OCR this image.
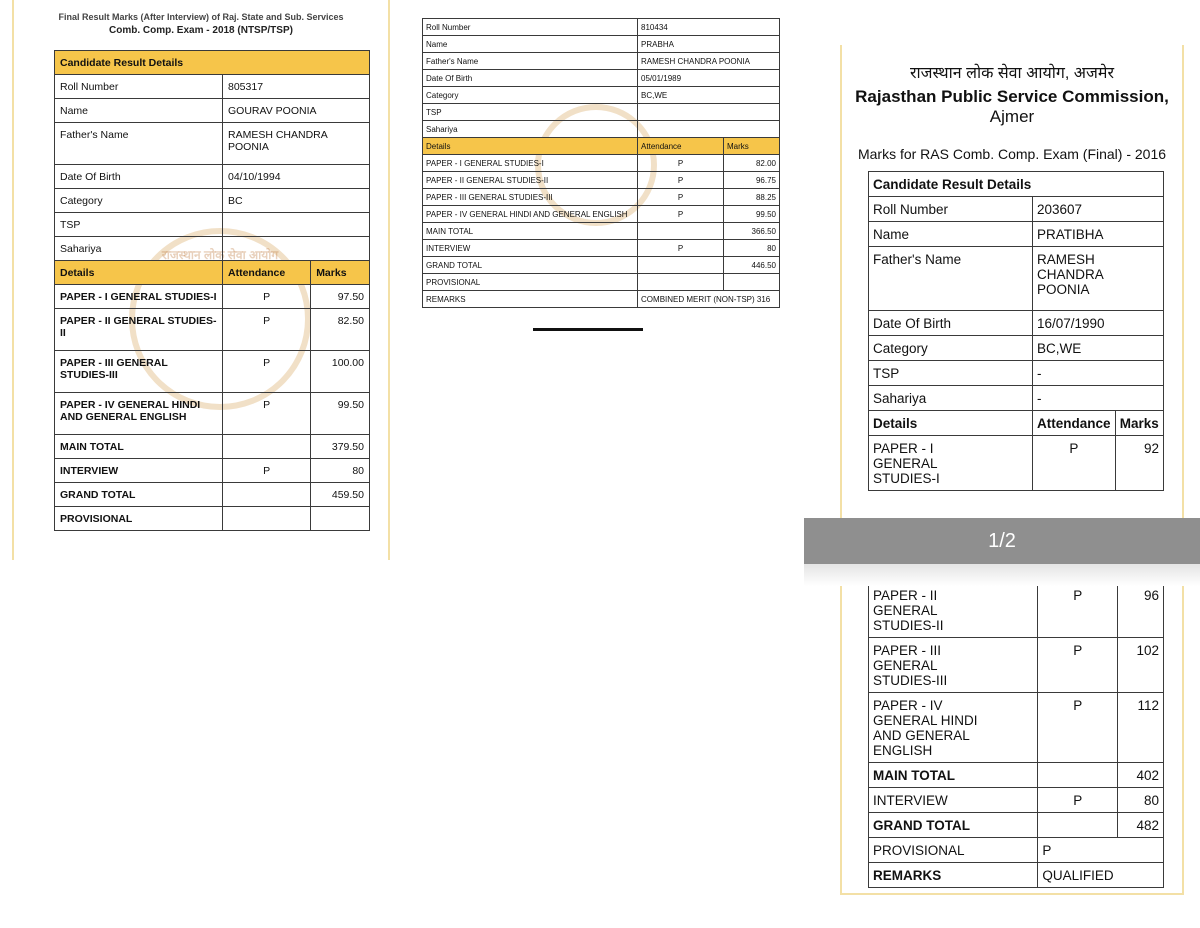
Final Result Marks (After Interview) of Raj. State and Sub. Services
Comb. Comp. Exam - 2018 (NTSP/TSP)
राजस्थान लोक सेवा आयोग
Candidate Result Details		
Roll Number	805317	
Name	GOURAV POONIA	
Father's Name	RAMESH CHANDRA POONIA	
Date Of Birth	04/10/1994	
Category	BC	
TSP		
Sahariya		
Details	Attendance	Marks
PAPER - I GENERAL STUDIES-I	P	97.50
PAPER - II GENERAL STUDIES-II	P	82.50
PAPER - III GENERAL STUDIES-III	P	100.00
PAPER - IV GENERAL HINDI AND GENERAL ENGLISH	P	99.50
MAIN TOTAL		379.50
INTERVIEW	P	80
GRAND TOTAL		459.50
PROVISIONAL		
Roll Number	810434	
Name	PRABHA	
Father's Name	RAMESH CHANDRA POONIA	
Date Of Birth	05/01/1989	
Category	BC,WE	
TSP		
Sahariya		
Details	Attendance	Marks
PAPER - I GENERAL STUDIES-I	P	82.00
PAPER - II GENERAL STUDIES-II	P	96.75
PAPER - III GENERAL STUDIES-III	P	88.25
PAPER - IV GENERAL HINDI AND GENERAL ENGLISH	P	99.50
MAIN TOTAL		366.50
INTERVIEW	P	80
GRAND TOTAL		446.50
PROVISIONAL		
REMARKS	COMBINED MERIT (NON-TSP) 316	
राजस्थान लोक सेवा आयोग, अजमेर
Rajasthan Public Service Commission,
Ajmer
Marks for RAS Comb. Comp. Exam (Final) - 2016
Candidate Result Details		
Roll Number	203607	
Name	PRATIBHA	
Father's Name	RAMESH CHANDRA POONIA	
Date Of Birth	16/07/1990	
Category	BC,WE	
TSP	-	
Sahariya	-	
Details	Attendance	Marks
PAPER - I GENERAL STUDIES-I	P	92
PAPER - II GENERAL STUDIES-II	P	96
PAPER - III GENERAL STUDIES-III	P	102
PAPER - IV GENERAL HINDI AND GENERAL ENGLISH	P	112
MAIN TOTAL		402
INTERVIEW	P	80
GRAND TOTAL		482
PROVISIONAL	P	
REMARKS	QUALIFIED	
1/2
